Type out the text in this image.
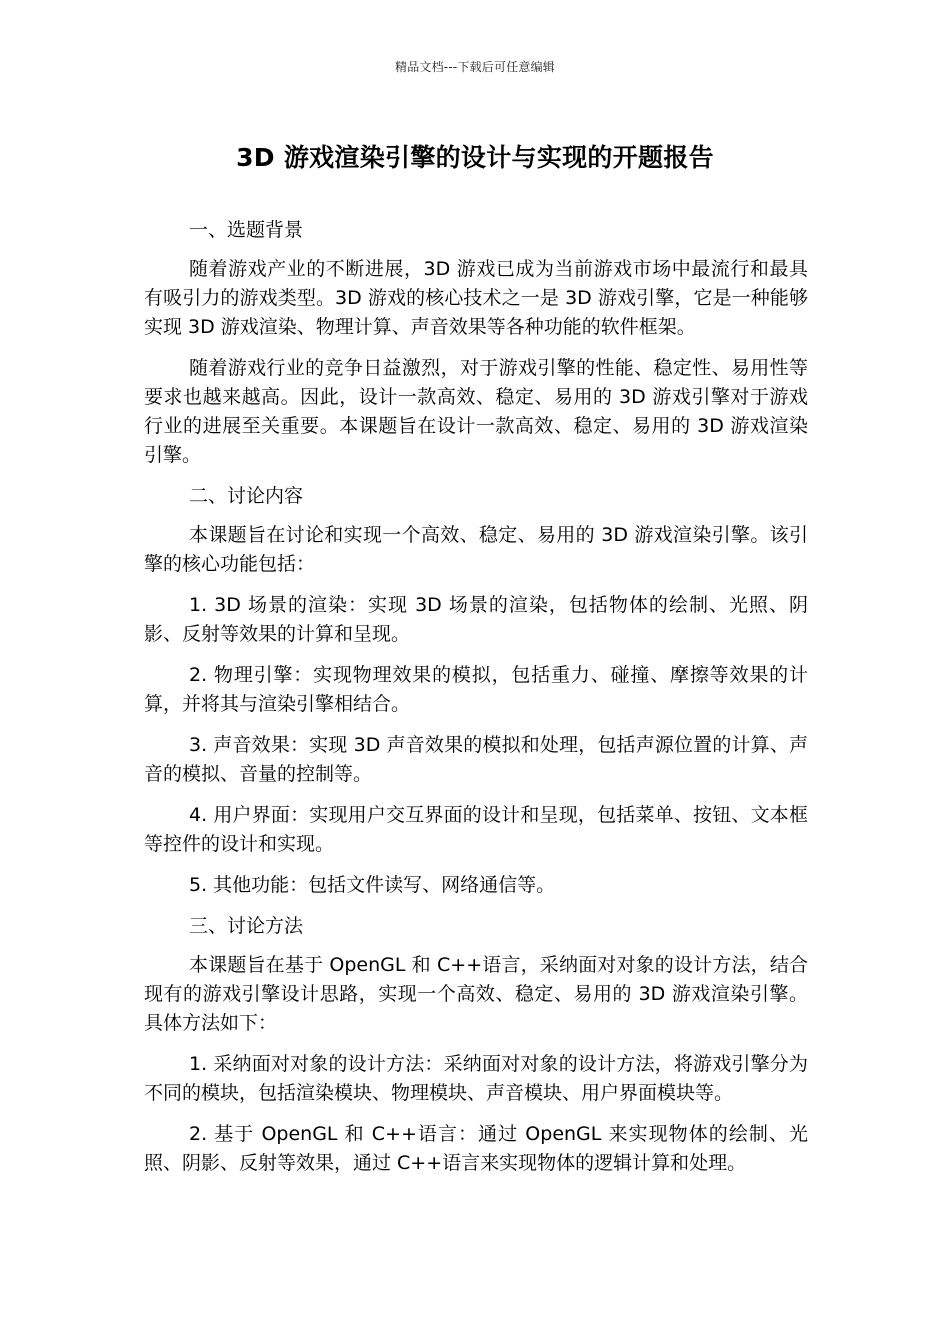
精品文档---下载后可任意编辑
3D 游戏渲染引擎的设计与实现的开题报告

一、选题背景

随着游戏产业的不断进展，3D 游戏已成为当前游戏市场中最流行和最具有吸引力的游戏类型。3D 游戏的核心技术之一是 3D 游戏引擎，它是一种能够实现 3D 游戏渲染、物理计算、声音效果等各种功能的软件框架。

随着游戏行业的竞争日益激烈，对于游戏引擎的性能、稳定性、易用性等要求也越来越高。因此，设计一款高效、稳定、易用的 3D 游戏引擎对于游戏行业的进展至关重要。本课题旨在设计一款高效、稳定、易用的 3D 游戏渲染引擎。

二、讨论内容

本课题旨在讨论和实现一个高效、稳定、易用的 3D 游戏渲染引擎。该引擎的核心功能包括：

1. 3D 场景的渲染：实现 3D 场景的渲染，包括物体的绘制、光照、阴影、反射等效果的计算和呈现。

2. 物理引擎：实现物理效果的模拟，包括重力、碰撞、摩擦等效果的计算，并将其与渲染引擎相结合。

3. 声音效果：实现 3D 声音效果的模拟和处理，包括声源位置的计算、声音的模拟、音量的控制等。

4. 用户界面：实现用户交互界面的设计和呈现，包括菜单、按钮、文本框等控件的设计和实现。

5. 其他功能：包括文件读写、网络通信等。

三、讨论方法

本课题旨在基于 OpenGL 和 C++语言，采纳面对对象的设计方法，结合现有的游戏引擎设计思路，实现一个高效、稳定、易用的 3D 游戏渲染引擎。具体方法如下：

1. 采纳面对对象的设计方法：采纳面对对象的设计方法，将游戏引擎分为不同的模块，包括渲染模块、物理模块、声音模块、用户界面模块等。

2. 基于 OpenGL 和 C++语言：通过 OpenGL 来实现物体的绘制、光照、阴影、反射等效果，通过 C++语言来实现物体的逻辑计算和处理。
